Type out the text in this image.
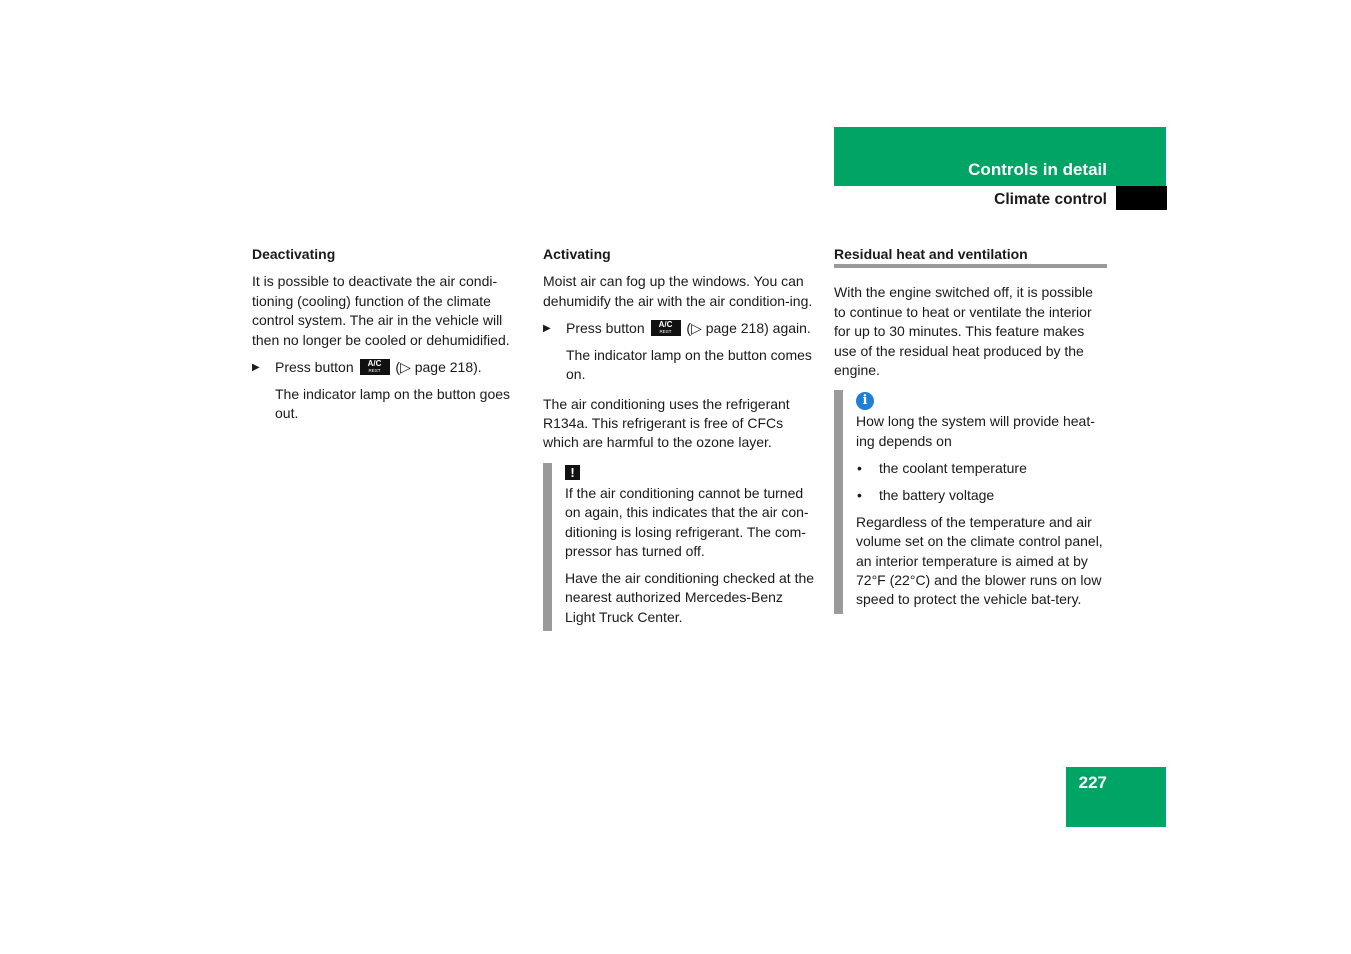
Controls in detail
Climate control
Deactivating

It is possible to deactivate the air condi-tioning (cooling) function of the climate control system. The air in the vehicle will then no longer be cooled or dehumidified.

▶ Press button	A/C
REST	(▷ page 218).

The indicator lamp on the button goes out.

Activating

Moist air can fog up the windows. You can dehumidify the air with the air condition-ing.

▶ Press button	A/C
REST	(▷ page 218) again.

The indicator lamp on the button comes on.

The air conditioning uses the refrigerant R134a. This refrigerant is free of CFCs which are harmful to the ozone layer.

!

If the air conditioning cannot be turned on again, this indicates that the air con-ditioning is losing refrigerant. The com-pressor has turned off.

Have the air conditioning checked at the nearest authorized Mercedes-Benz Light Truck Center.

Residual heat and ventilation

With the engine switched off, it is possible to continue to heat or ventilate the interior for up to 30 minutes. This feature makes use of the residual heat produced by the engine.

i

How long the system will provide heat-ing depends on

• the coolant temperature
• the battery voltage

Regardless of the temperature and air volume set on the climate control panel, an interior temperature is aimed at by 72°F (22°C) and the blower runs on low speed to protect the vehicle bat-tery.

227
